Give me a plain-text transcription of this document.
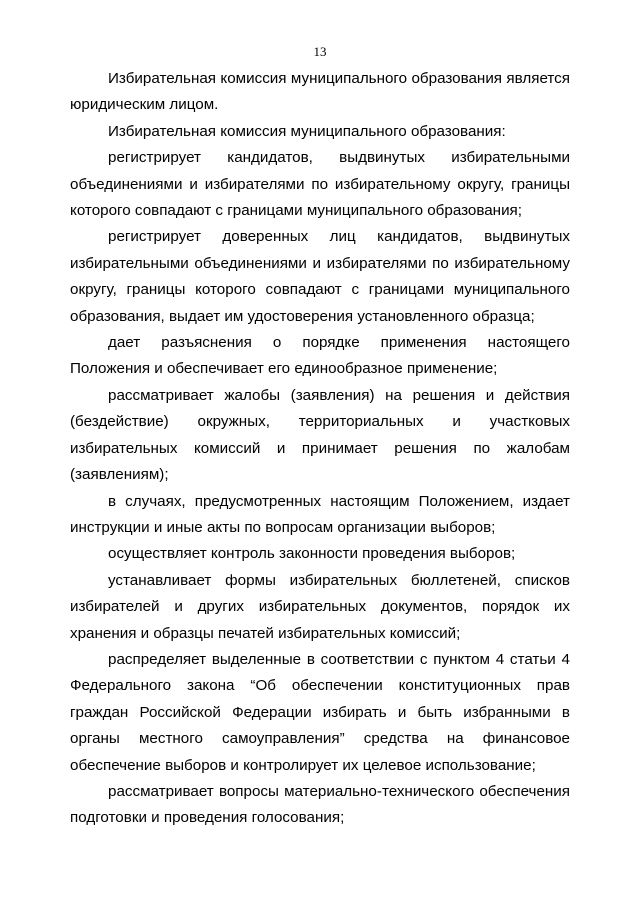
13

Избирательная комиссия муниципального образования является юридическим лицом.

Избирательная комиссия муниципального образования:

регистрирует кандидатов, выдвинутых избирательными объединениями и избирателями по избирательному округу, границы которого совпадают с границами муниципального образования;

регистрирует доверенных лиц кандидатов, выдвинутых избирательными объединениями и избирателями по избирательному округу, границы которого совпадают с границами муниципального образования, выдает им удостоверения установленного образца;

дает разъяснения о порядке применения настоящего Положения и обеспечивает его единообразное применение;

рассматривает жалобы (заявления) на решения и действия (бездействие) окружных, территориальных и участковых избирательных комиссий и принимает решения по жалобам (заявлениям);

в случаях, предусмотренных настоящим Положением, издает инструкции и иные акты по вопросам организации выборов;

осуществляет контроль законности проведения выборов;

устанавливает формы избирательных бюллетеней, списков избирателей и других избирательных документов, порядок их хранения и образцы печатей избирательных комиссий;

распределяет выделенные в соответствии с пунктом 4 статьи 4 Федерального закона “Об обеспечении конституционных прав граждан Российской Федерации избирать и быть избранными в органы местного самоуправления” средства на финансовое обеспечение выборов и контролирует их целевое использование;

рассматривает вопросы материально-технического обеспечения подготовки и проведения голосования;
